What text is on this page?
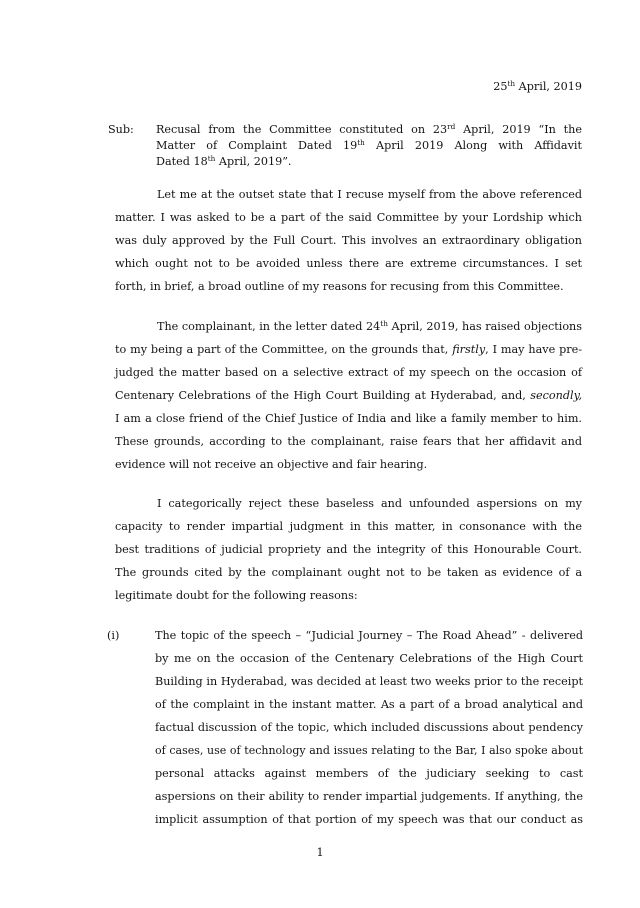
25th April, 2019
Sub: Recusal from the Committee constituted on 23rd April, 2019 “In the
Matter of Complaint Dated 19th April 2019 Along with Affidavit
Dated 18th April, 2019”.
Let me at the outset state that I recuse myself from the above referenced
matter. I was asked to be a part of the said Committee by your Lordship which
was duly approved by the Full Court. This involves an extraordinary obligation
which ought not to be avoided unless there are extreme circumstances. I set
forth, in brief, a broad outline of my reasons for recusing from this Committee.
The complainant, in the letter dated 24th April, 2019, has raised objections
to my being a part of the Committee, on the grounds that, firstly, I may have pre-
judged the matter based on a selective extract of my speech on the occasion of
Centenary Celebrations of the High Court Building at Hyderabad, and, secondly,
I am a close friend of the Chief Justice of India and like a family member to him.
These grounds, according to the complainant, raise fears that her affidavit and
evidence will not receive an objective and fair hearing.
I categorically reject these baseless and unfounded aspersions on my
capacity to render impartial judgment in this matter, in consonance with the
best traditions of judicial propriety and the integrity of this Honourable Court.
The grounds cited by the complainant ought not to be taken as evidence of a
legitimate doubt for the following reasons:
(i)	The topic of the speech – “Judicial Journey – The Road Ahead” - delivered
by me on the occasion of the Centenary Celebrations of the High Court
Building in Hyderabad, was decided at least two weeks prior to the receipt
of the complaint in the instant matter. As a part of a broad analytical and
factual discussion of the topic, which included discussions about pendency
of cases, use of technology and issues relating to the Bar, I also spoke about
personal attacks against members of the judiciary seeking to cast
aspersions on their ability to render impartial judgements. If anything, the
implicit assumption of that portion of my speech was that our conduct as
1
